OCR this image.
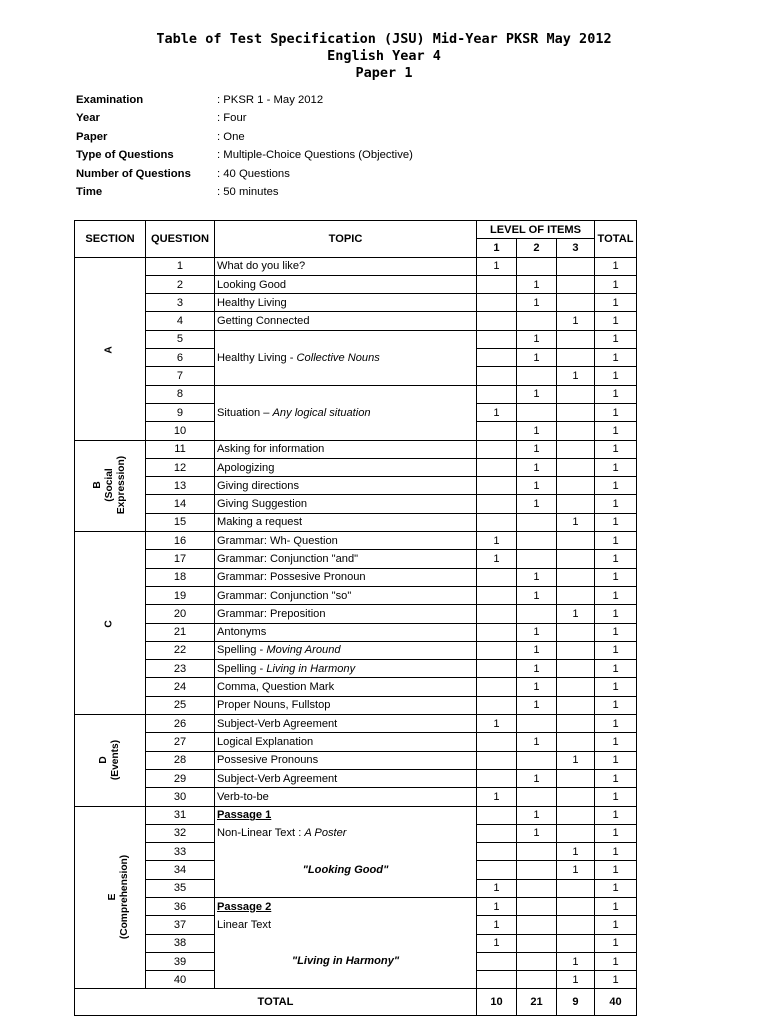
Table of Test Specification (JSU) Mid-Year PKSR May 2012
English Year 4
Paper 1
Examination	: PKSR 1 - May 2012
Year	: Four
Paper	: One
Type of Questions	: Multiple-Choice Questions (Objective)
Number of Questions	: 40 Questions
Time	: 50 minutes
SECTION	QUESTION	TOPIC	LEVEL OF ITEMS			TOTAL
			1	2	3	
A	1	What do you like?	1			1
	2	Looking Good		1		1
	3	Healthy Living		1		1
	4	Getting Connected			1	1
	5	Healthy Living - Collective Nouns		1		1
	6			1		1
	7				1	1
	8	Situation – Any logical situation		1		1
	9		1			1
	10			1		1
B
(Social
Expression)	11	Asking for information		1		1
	12	Apologizing		1		1
	13	Giving directions		1		1
	14	Giving Suggestion		1		1
	15	Making a request			1	1
C	16	Grammar: Wh- Question	1			1
	17	Grammar: Conjunction "and"	1			1
	18	Grammar: Possesive Pronoun		1		1
	19	Grammar: Conjunction "so"		1		1
	20	Grammar: Preposition			1	1
	21	Antonyms		1		1
	22	Spelling - Moving Around		1		1
	23	Spelling - Living in Harmony		1		1
	24	Comma, Question Mark		1		1
	25	Proper Nouns, Fullstop		1		1
D
(Events)	26	Subject-Verb Agreement	1			1
	27	Logical Explanation		1		1
	28	Possesive Pronouns			1	1
	29	Subject-Verb Agreement		1		1
	30	Verb-to-be	1			1
E
(Comprehension)	31	Passage 1		1		1
	32	Non-Linear Text : A Poster		1		1
	33	"Looking Good"			1	1
	34				1	1
	35		1			1
	36	Passage 2	1			1
	37	Linear Text	1			1
	38	"Living in Harmony"	1			1
	39				1	1
	40				1	1
TOTAL			10	21	9	40
